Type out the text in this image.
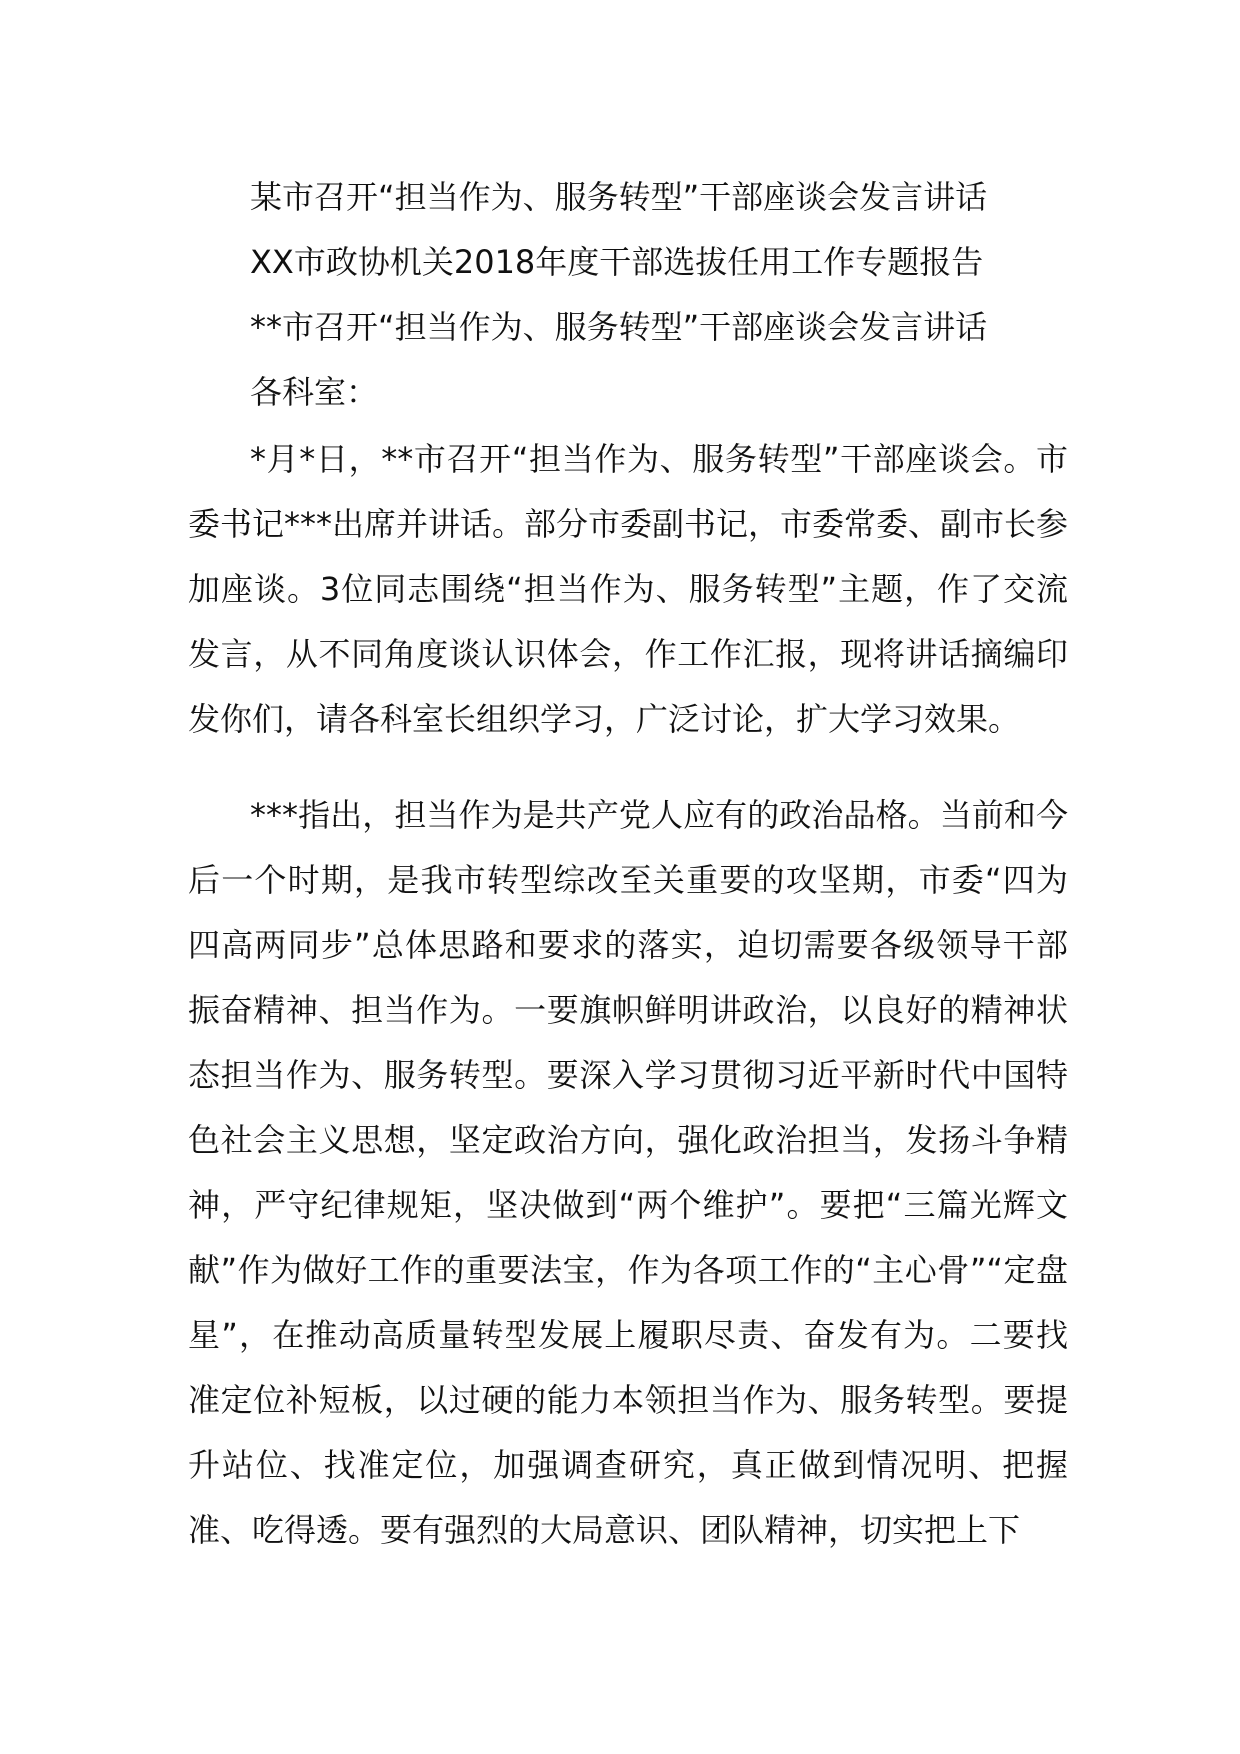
某市召开“担当作为、服务转型”干部座谈会发言讲话
XX市政协机关2018年度干部选拔任用工作专题报告
**市召开“担当作为、服务转型”干部座谈会发言讲话
各科室：

*月*日，**市召开“担当作为、服务转型”干部座谈会。市委书记***出席并讲话。部分市委副书记，市委常委、副市长参加座谈。3位同志围绕“担当作为、服务转型”主题，作了交流发言，从不同角度谈认识体会，作工作汇报，现将讲话摘编印发你们，请各科室长组织学习，广泛讨论，扩大学习效果。

***指出，担当作为是共产党人应有的政治品格。当前和今后一个时期，是我市转型综改至关重要的攻坚期，市委“四为四高两同步”总体思路和要求的落实，迫切需要各级领导干部振奋精神、担当作为。一要旗帜鲜明讲政治，以良好的精神状态担当作为、服务转型。要深入学习贯彻习近平新时代中国特色社会主义思想，坚定政治方向，强化政治担当，发扬斗争精神，严守纪律规矩，坚决做到“两个维护”。要把“三篇光辉文献”作为做好工作的重要法宝，作为各项工作的“主心骨”“定盘星”，在推动高质量转型发展上履职尽责、奋发有为。二要找准定位补短板，以过硬的能力本领担当作为、服务转型。要提升站位、找准定位，加强调查研究，真正做到情况明、把握准、吃得透。要有强烈的大局意识、团队精神，切实把上下
